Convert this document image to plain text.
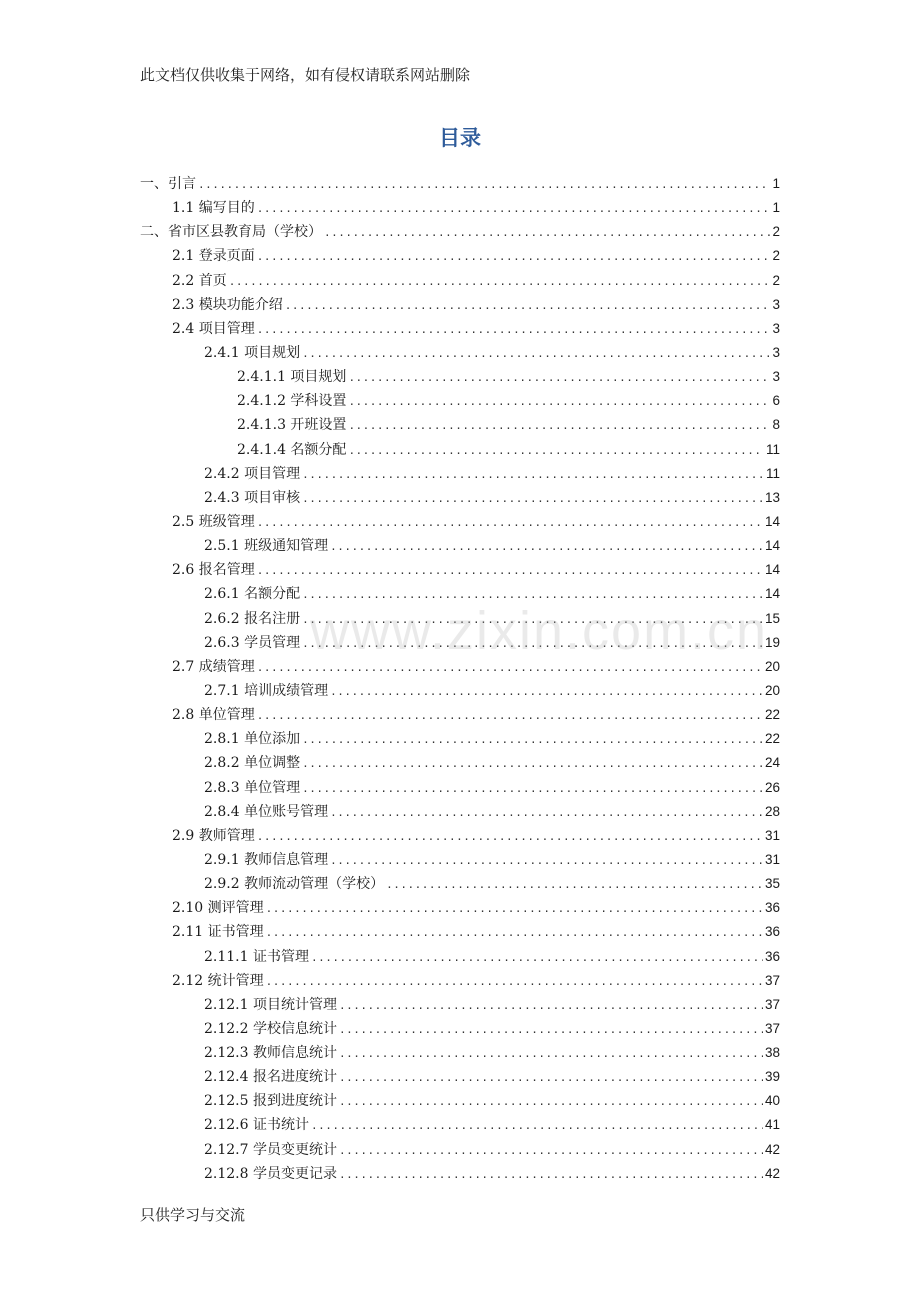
此文档仅供收集于网络，如有侵权请联系网站删除
目录
一、引言 .....	1
1.1 编写目的 .....	1
二、省市区县教育局（学校） .....	2
2.1 登录页面 .....	2
2.2 首页 .....	2
2.3 模块功能介绍 .....	3
2.4 项目管理 .....	3
2.4.1 项目规划 .....	3
2.4.1.1 项目规划 .....	3
2.4.1.2 学科设置 .....	6
2.4.1.3 开班设置 .....	8
2.4.1.4 名额分配 .....	11
2.4.2 项目管理 .....	11
2.4.3 项目审核 .....	13
2.5 班级管理 .....	14
2.5.1 班级通知管理 .....	14
2.6 报名管理 .....	14
2.6.1 名额分配 .....	14
2.6.2 报名注册 .....	15
2.6.3 学员管理 .....	19
2.7 成绩管理 .....	20
2.7.1 培训成绩管理 .....	20
2.8 单位管理 .....	22
2.8.1 单位添加 .....	22
2.8.2 单位调整 .....	24
2.8.3 单位管理 .....	26
2.8.4 单位账号管理 .....	28
2.9 教师管理 .....	31
2.9.1 教师信息管理 .....	31
2.9.2 教师流动管理（学校） .....	35
2.10 测评管理 .....	36
2.11 证书管理 .....	36
2.11.1 证书管理 .....	36
2.12 统计管理 .....	37
2.12.1 项目统计管理 .....	37
2.12.2 学校信息统计 .....	37
2.12.3 教师信息统计 .....	38
2.12.4 报名进度统计 .....	39
2.12.5 报到进度统计 .....	40
2.12.6 证书统计 .....	41
2.12.7 学员变更统计 .....	42
2.12.8 学员变更记录 .....	42
www.zixin.com.cn
只供学习与交流
